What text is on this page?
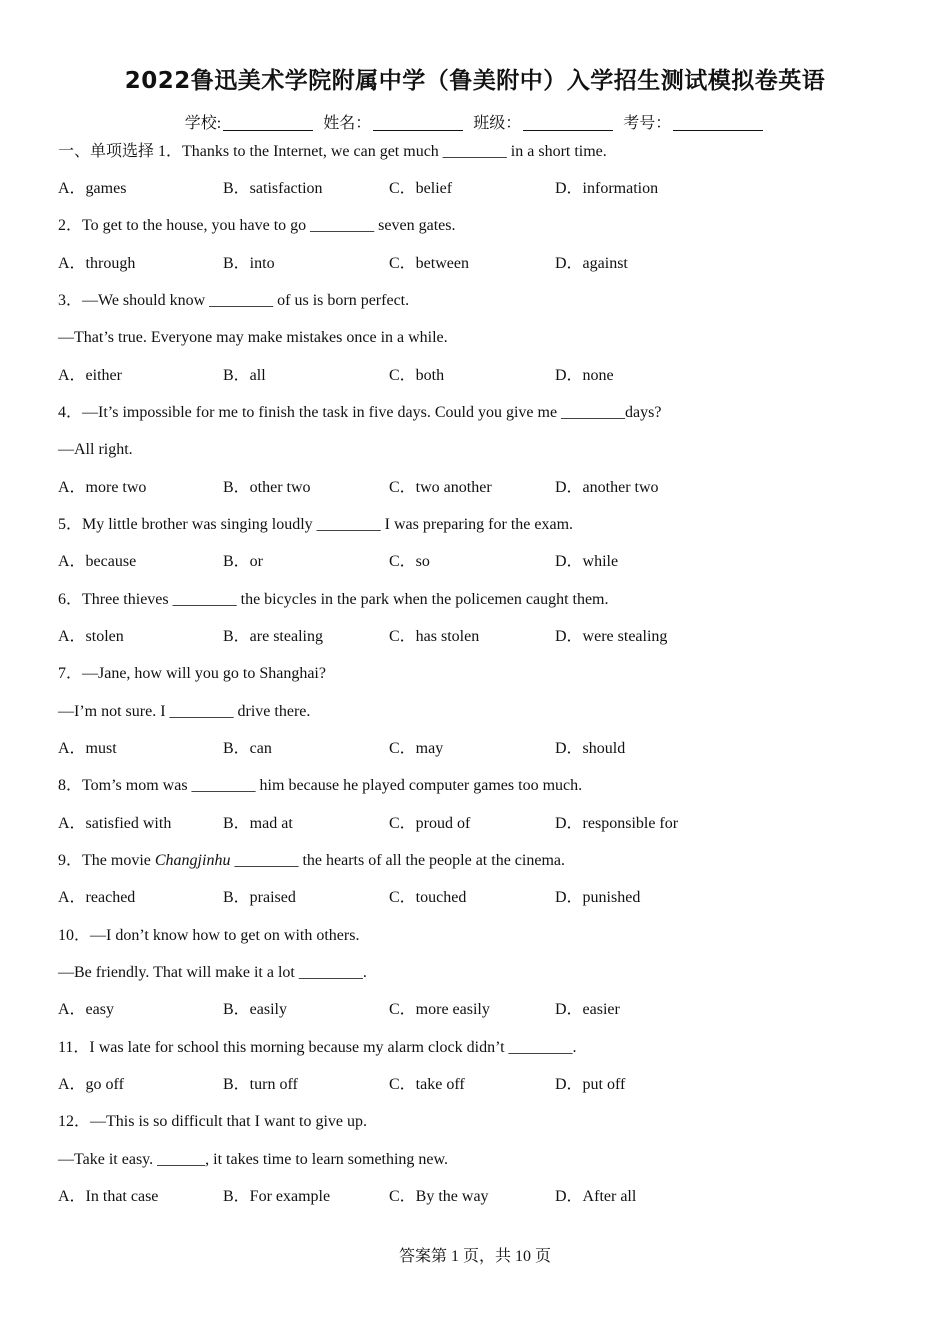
2022鲁迅美术学院附属中学（鲁美附中）入学招生测试模拟卷英语
学校:	姓名：	班级：	考号：
一、单项选择 1．Thanks to the Internet, we can get much ________ in a short time.
A．games	B．satisfaction	C．belief	D．information
2．To get to the house, you have to go ________ seven gates.
A．through	B．into	C．between	D．against
3．—We should know ________ of us is born perfect.
—That’s true. Everyone may make mistakes once in a while.
A．either	B．all	C．both	D．none
4．—It’s impossible for me to finish the task in five days. Could you give me ________days?
—All right.
A．more two	B．other two	C．two another	D．another two
5．My little brother was singing loudly ________ I was preparing for the exam.
A．because	B．or	C．so	D．while
6．Three thieves ________ the bicycles in the park when the policemen caught them.
A．stolen	B．are stealing	C．has stolen	D．were stealing
7．—Jane, how will you go to Shanghai?
—I’m not sure. I ________ drive there.
A．must	B．can	C．may	D．should
8．Tom’s mom was ________ him because he played computer games too much.
A．satisfied with	B．mad at	C．proud of	D．responsible for
9．The movie Changjinhu ________ the hearts of all the people at the cinema.
A．reached	B．praised	C．touched	D．punished
10．—I don’t know how to get on with others.
—Be friendly. That will make it a lot ________.
A．easy	B．easily	C．more easily	D．easier
11．I was late for school this morning because my alarm clock didn’t ________.
A．go off	B．turn off	C．take off	D．put off
12．—This is so difficult that I want to give up.
—Take it easy. ______, it takes time to learn something new.
A．In that case	B．For example	C．By the way	D．After all
答案第 1 页，共 10 页
